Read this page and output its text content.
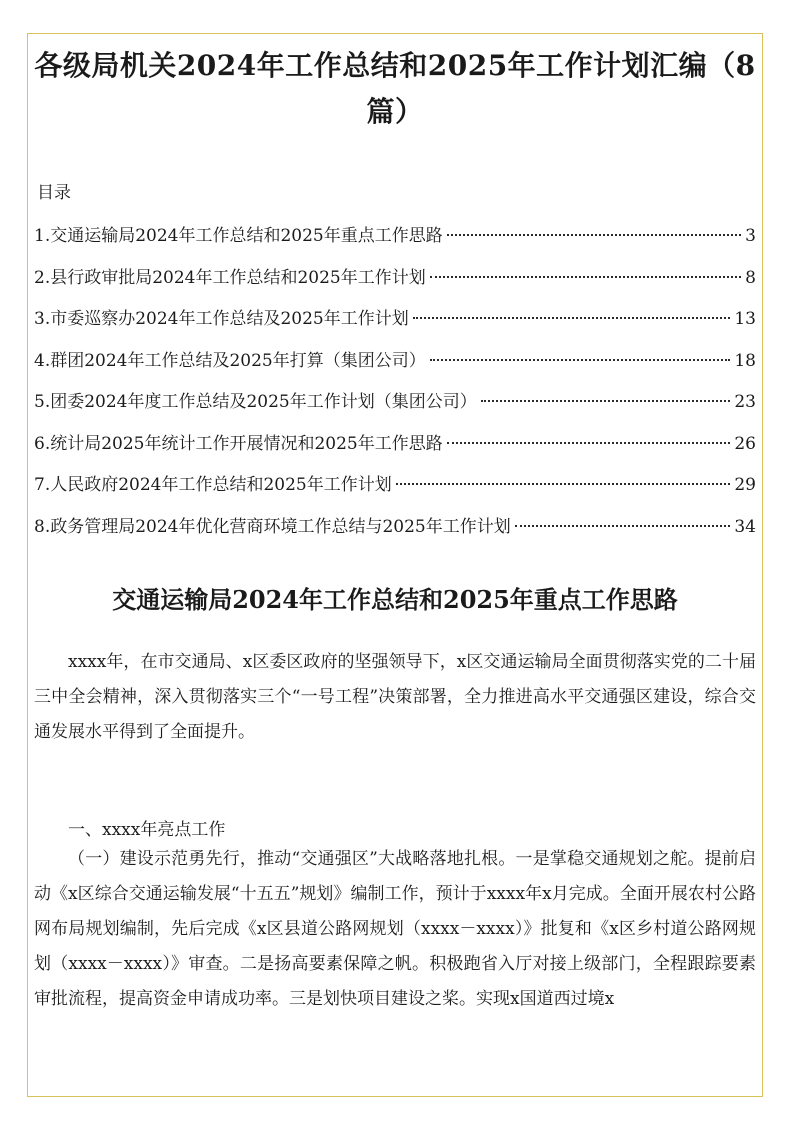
各级局机关2024年工作总结和2025年工作计划汇编（8篇）
目录
1.交通运输局2024年工作总结和2025年重点工作思路	3
2.县行政审批局2024年工作总结和2025年工作计划	8
3.市委巡察办2024年工作总结及2025年工作计划	13
4.群团2024年工作总结及2025年打算（集团公司）	18
5.团委2024年度工作总结及2025年工作计划（集团公司）	23
6.统计局2025年统计工作开展情况和2025年工作思路	26
7.人民政府2024年工作总结和2025年工作计划	29
8.政务管理局2024年优化营商环境工作总结与2025年工作计划	34
交通运输局2024年工作总结和2025年重点工作思路

xxxx年，在市交通局、x区委区政府的坚强领导下，x区交通运输局全面贯彻落实党的二十届三中全会精神，深入贯彻落实三个“一号工程”决策部署，全力推进高水平交通强区建设，综合交通发展水平得到了全面提升。

一、xxxx年亮点工作

（一）建设示范勇先行，推动“交通强区”大战略落地扎根。一是掌稳交通规划之舵。提前启动《x区综合交通运输发展“十五五”规划》编制工作，预计于xxxx年x月完成。全面开展农村公路网布局规划编制，先后完成《x区县道公路网规划（xxxx－xxxx）》批复和《x区乡村道公路网规划（xxxx－xxxx）》审查。二是扬高要素保障之帆。积极跑省入厅对接上级部门，全程跟踪要素审批流程，提高资金申请成功率。三是划快项目建设之桨。实现x国道西过境x
